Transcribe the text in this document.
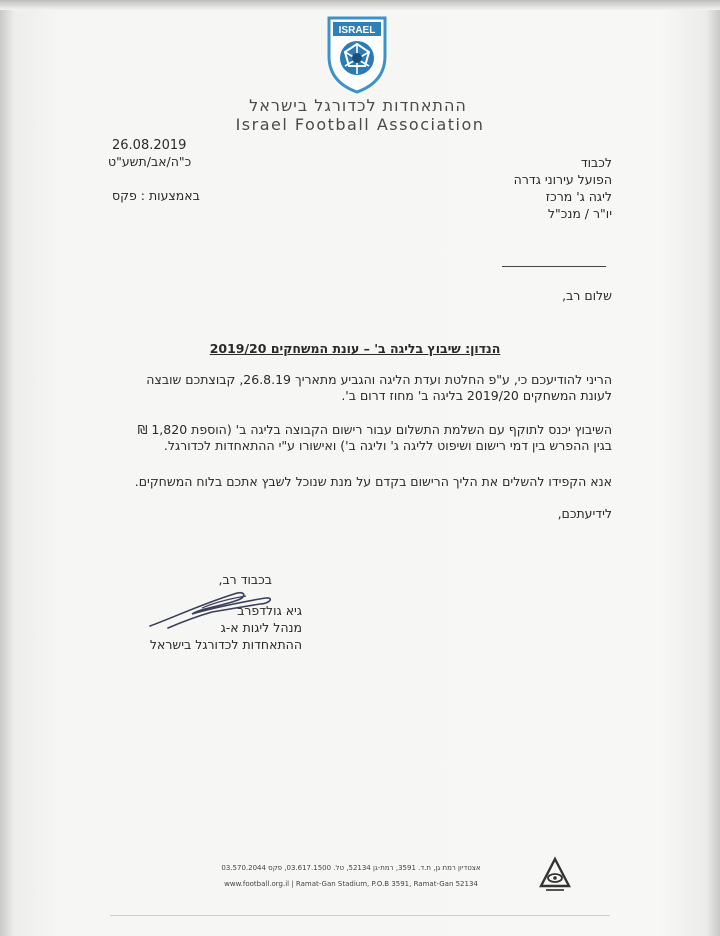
ISRAEL
ההתאחדות לכדורגל בישראל
Israel Football Association
26.08.2019
כ"ה/אב/תשע"ט
באמצעות : פקס
לכבוד
הפועל עירוני גדרה
ליגה ג' מרכז
יו"ר / מנכ"ל
שלום רב,
הנדון: שיבוץ בליגה ב' – עונת המשחקים 2019/20
הריני להודיעכם כי, ע"פ החלטת ועדת הליגה והגביע מתאריך 26.8.19, קבוצתכם שובצה
לעונת המשחקים 2019/20 בליגה ב' מחוז דרום ב'.
השיבוץ יכנס לתוקף עם השלמת התשלום עבור רישום הקבוצה בליגה ב' (הוספת 1,820 ₪
בגין ההפרש בין דמי רישום ושיפוט לליגה ג' וליגה ב') ואישורו ע"י ההתאחדות לכדורגל.
אנא הקפידו להשלים את הליך הרישום בקדם על מנת שנוכל לשבץ אתכם בלוח המשחקים.
לידיעתכם,
בכבוד רב,
גיא גולדפרב
מנהל ליגות א-ג
ההתאחדות לכדורגל בישראל
אצטדיון רמת גן, ת.ד. 3591, רמת-גן 52134, טל. 03.617.1500, פקס 03.570.2044
www.football.org.il | Ramat-Gan Stadium, P.O.B 3591, Ramat-Gan 52134
